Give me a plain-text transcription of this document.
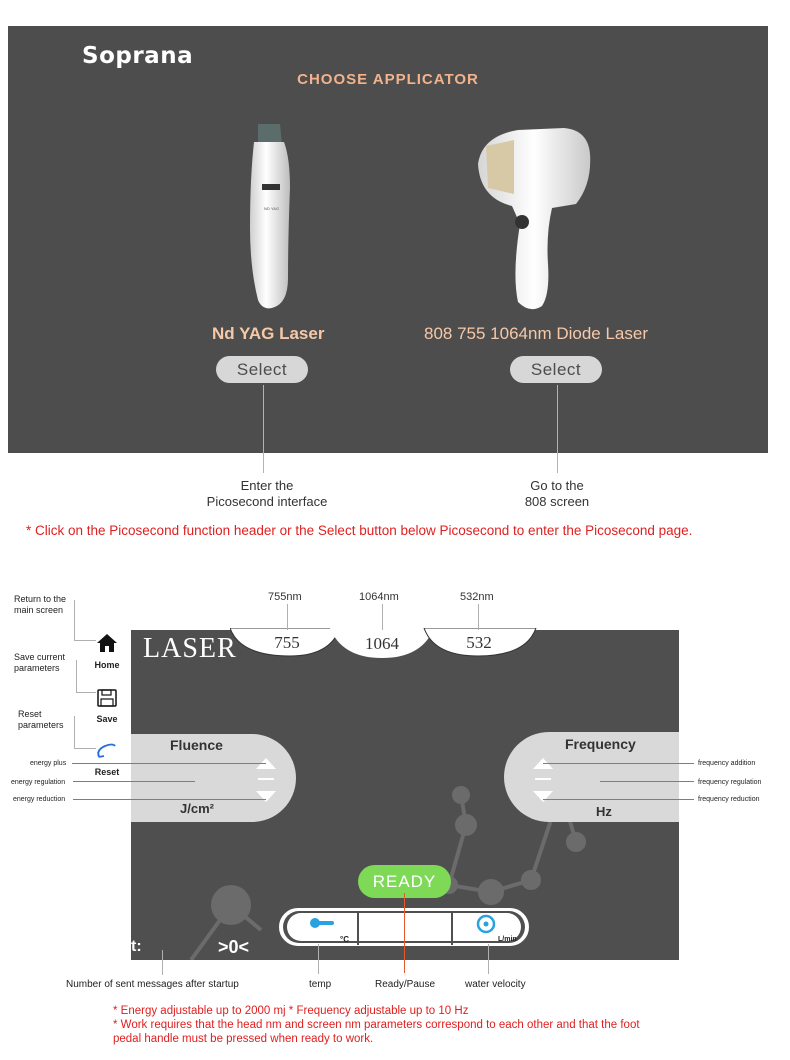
Soprana
CHOOSE APPLICATOR
ND YAG
Nd YAG Laser	808 755 1064nm Diode Laser
Select	Select
Enter the
Picosecond interface
Go to the
808 screen
* Click on the Picosecond function header or the Select button below Picosecond to enter the Picosecond page.
755	1064	532
755nm	1064nm	532nm
LASER
Home
Save
Reset
Fluence
J/cm²
Frequency
Hz
READY
°C	L/min
t:	>0<
Return to the
main screen
Save current
parameters
Reset
parameters
energy plus
energy regulation
energy reduction
frequency addition
frequency regulation
frequency reduction
Number of sent messages after startup	temp	Ready/Pause	water velocity
* Energy adjustable up to 2000 mj * Frequency adjustable up to 10 Hz
* Work requires that the head nm and screen nm parameters correspond to each other and that the foot
pedal handle must be pressed when ready to work.
